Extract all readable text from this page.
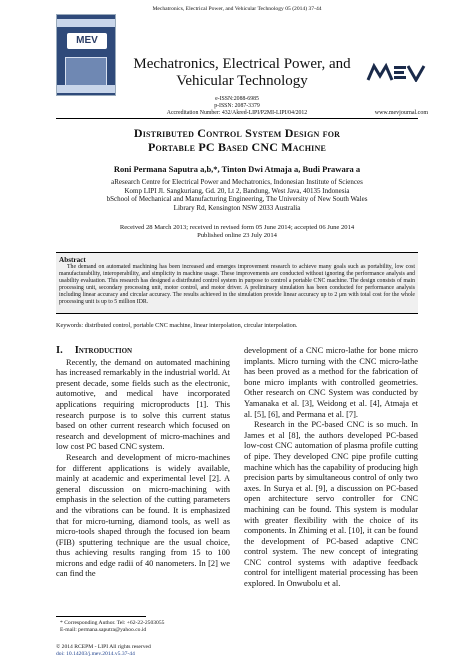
Mechatronics, Electrical Power, and Vehicular Technology 05 (2014) 37-44
MEV
Mechatronics, Electrical Power, and Vehicular Technology
e-ISSN:2088-6985
p-ISSN: 2087-3379
Accreditation Number: 432/Akred-LIPI/P2MI-LIPI/04/2012	www.mevjournal.com
Distributed Control System Design for
Portable PC Based CNC Machine
Roni Permana Saputra a,b,*, Tinton Dwi Atmaja a, Budi Prawara a
aResearch Centre for Electrical Power and Mechatronics, Indonesian Institute of Sciences
Komp LIPI Jl. Sangkuriang, Gd. 20, Lt 2, Bandung, West Java, 40135 Indonesia
bSchool of Mechanical and Manufacturing Engineering, The University of New South Wales
Library Rd, Kensington NSW 2033 Australia
Received 28 March 2013; received in revised form 05 June 2014; accepted 06 June 2014
Published online 23 July 2014
Abstract
The demand on automated machining has been increased and emerges improvement research to achieve many goals such as portability, low cost manufacturability, interoperability, and simplicity in machine usage. These improvements are conducted without ignoring the performance analysis and usability evaluation. This research has designed a distributed control system in purpose to control a portable CNC machine. The design consists of main processing unit, secondary processing unit, motor control, and motor driver. A preliminary simulation has been conducted for performance analysis including linear accuracy and circular accuracy. The results achieved in the simulation provide linear accuracy up to 2 μm with total cost for the whole processing unit is up to 5 million IDR.
Keywords: distributed control, portable CNC machine, linear interpolation, circular interpolation.
I. Introduction

Recently, the demand on automated machining has increased remarkably in the industrial world. At present decade, some fields such as the electronic, automotive, and medical have incorporated applications requiring microproducts [1]. This research purpose is to solve this current status based on other current research which focused on research and development of micro-machines and low cost PC based CNC system.

Research and development of micro-machines for different applications is widely available, mainly at academic and experimental level [2]. A general discussion on micro-machining with emphasis in the selection of the cutting parameters and the vibrations can be found. It is emphasized that for micro-turning, diamond tools, as well as micro-tools shaped through the focused ion beam (FIB) sputtering technique are the usual choice, thus achieving results ranging from 15 to 100 microns and edge radii of 40 nanometers. In [2] we can find the

development of a CNC micro-lathe for bone micro implants. Micro turning with the CNC micro-lathe has been proved as a method for the fabrication of bone micro implants with controlled geometries. Other research on CNC System was conducted by Yamanaka et al. [3], Weidong et al. [4], Atmaja et al. [5], [6], and Permana et al. [7].

Research in the PC-based CNC is so much. In James et al [8], the authors developed PC-based low-cost CNC automation of plasma profile cutting of pipe. They developed CNC pipe profile cutting machine which has the capability of producing high precision parts by simultaneous control of only two axes. In Surya et al. [9], a discussion on PC-based open architecture servo controller for CNC machining can be found. This system is modular with greater flexibility with the choice of its components. In Zhiming et al. [10], it can be found the development of PC-based adaptive CNC control system. The new concept of integrating CNC control systems with adaptive feedback control for intelligent material processing has been explored. In Onwubolu et al.

* Corresponding Author. Tel: +62-22-2503055
E-mail: permana.saputra@yahoo.co.id
© 2014 RCEPM - LIPI All rights reserved
doi: 10.14203/j.mev.2014.v5.37-44
